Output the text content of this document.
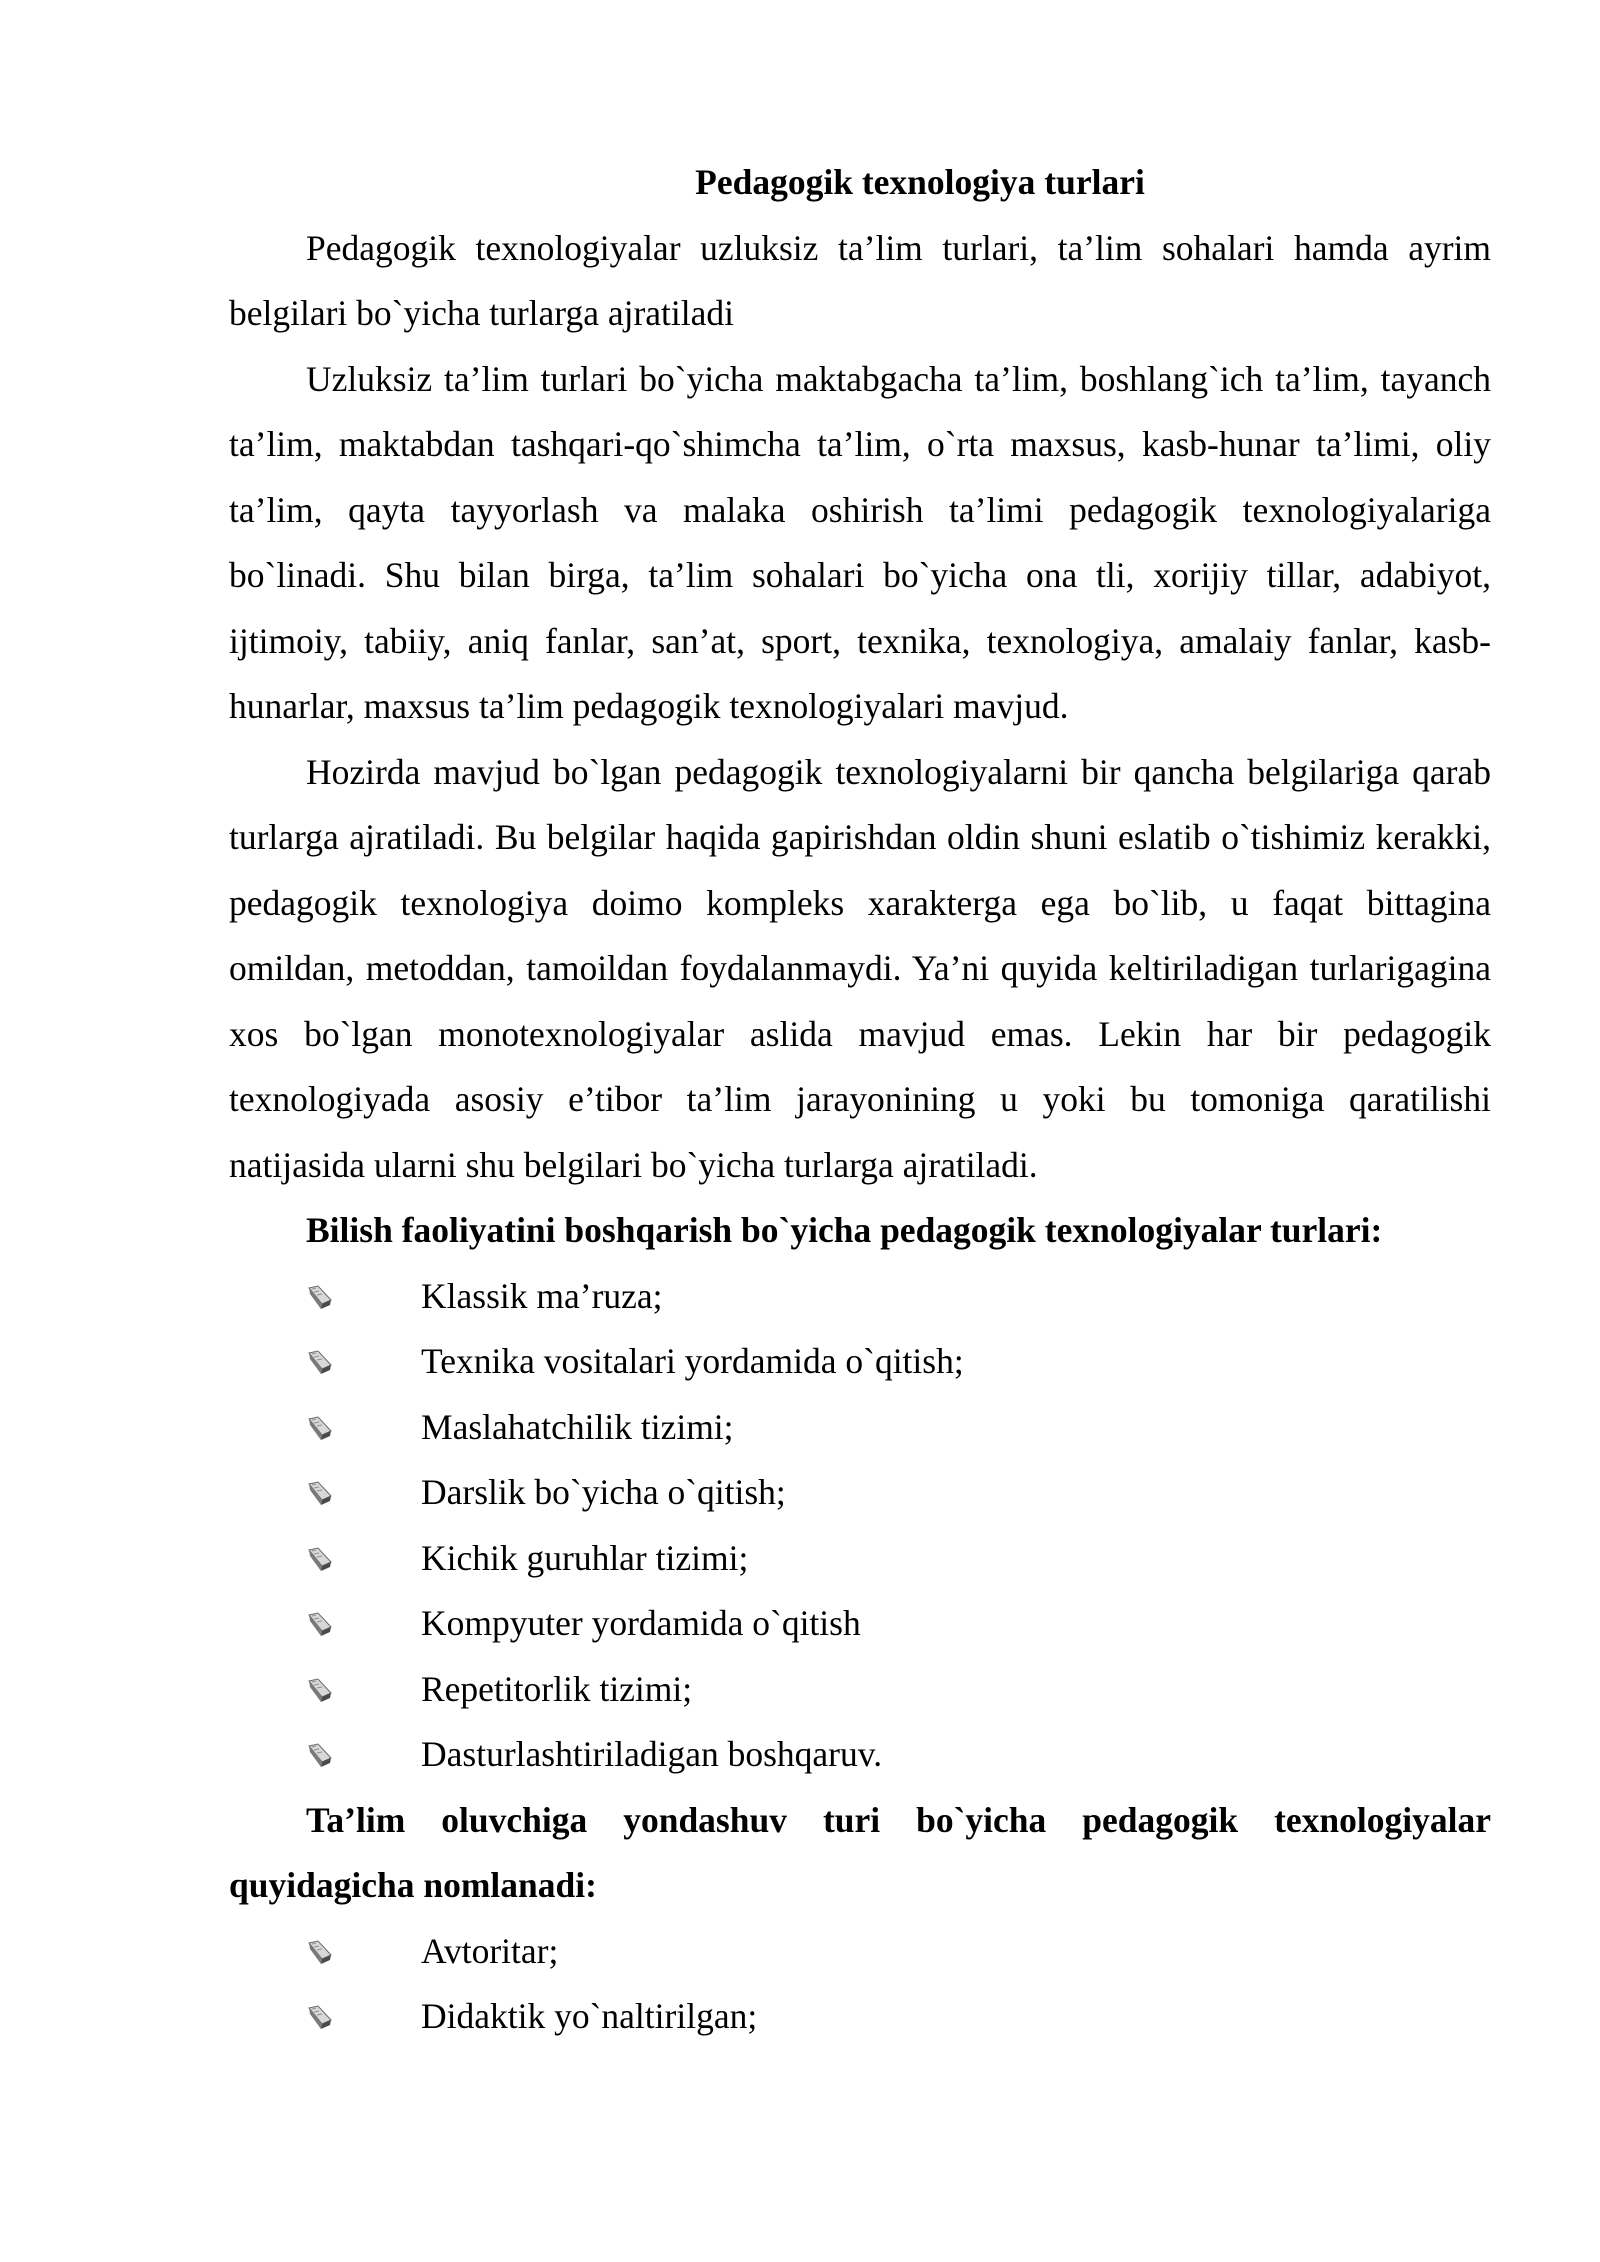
Pedagogik texnologiya turlari

Pedagogik texnologiyalar uzluksiz ta’lim turlari, ta’lim sohalari hamda ayrim belgilari bo`yicha turlarga ajratiladi

Uzluksiz ta’lim turlari bo`yicha maktabgacha ta’lim, boshlang`ich ta’lim, tayanch ta’lim, maktabdan tashqari-qo`shimcha ta’lim, o`rta maxsus, kasb-hunar ta’limi, oliy ta’lim, qayta tayyorlash va malaka oshirish ta’limi pedagogik texnologiyalariga bo`linadi. Shu bilan birga, ta’lim sohalari bo`yicha ona tli, xorijiy tillar, adabiyot, ijtimoiy, tabiiy, aniq fanlar, san’at, sport, texnika, texnologiya, amalaiy fanlar, kasb-hunarlar, maxsus ta’lim pedagogik texnologiyalari mavjud.

Hozirda mavjud bo`lgan pedagogik texnologiyalarni bir qancha belgilariga qarab turlarga ajratiladi. Bu belgilar haqida gapirishdan oldin shuni eslatib o`tishimiz kerakki, pedagogik texnologiya doimo kompleks xarakterga ega bo`lib, u faqat bittagina omildan, metoddan, tamoildan foydalanmaydi. Ya’ni quyida keltiriladigan turlarigagina xos bo`lgan monotexnologiyalar aslida mavjud emas. Lekin har bir pedagogik texnologiyada asosiy e’tibor ta’lim jarayonining u yoki bu tomoniga qaratilishi natijasida ularni shu belgilari bo`yicha turlarga ajratiladi.

Bilish faoliyatini boshqarish bo`yicha pedagogik texnologiyalar turlari:

Klassik ma’ruza;
Texnika vositalari yordamida o`qitish;
Maslahatchilik tizimi;
Darslik bo`yicha o`qitish;
Kichik guruhlar tizimi;
Kompyuter yordamida o`qitish
Repetitorlik tizimi;
Dasturlashtiriladigan boshqaruv.

Ta’lim oluvchiga yondashuv turi bo`yicha pedagogik texnologiyalar quyidagicha nomlanadi:

Avtoritar;
Didaktik yo`naltirilgan;
